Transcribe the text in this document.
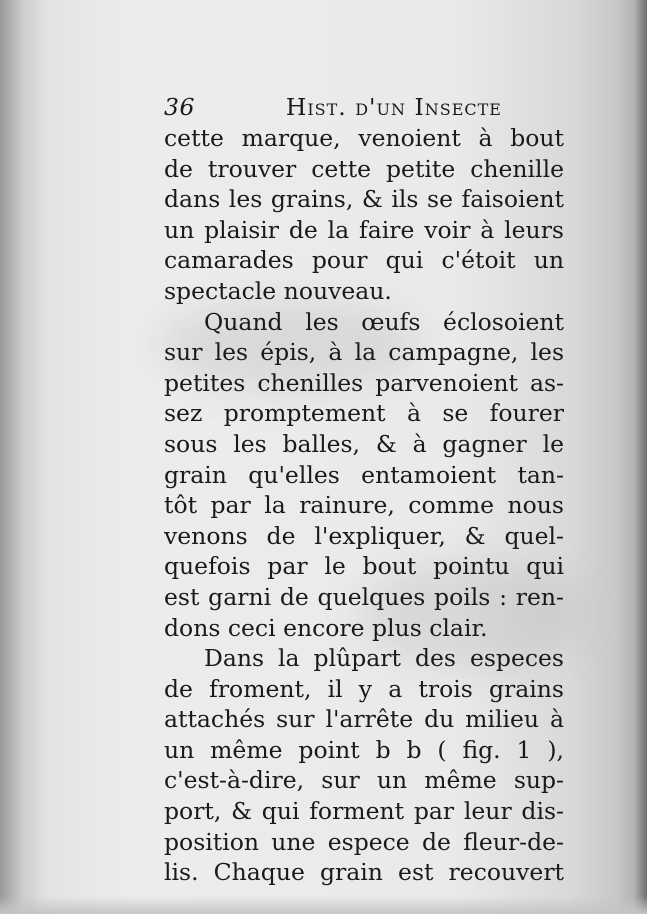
36	Hist. d'un Insecte
cette marque, venoient à bout
de trouver cette petite chenille
dans les grains, & ils se faisoient
un plaisir de la faire voir à leurs
camarades pour qui c'étoit un
spectacle nouveau.
Quand les œufs éclosoient
sur les épis, à la campagne, les
petites chenilles parvenoient as-
sez promptement à se fourer
sous les balles, & à gagner le
grain qu'elles entamoient tan-
tôt par la rainure, comme nous
venons de l'expliquer, & quel-
quefois par le bout pointu qui
est garni de quelques poils : ren-
dons ceci encore plus clair.
Dans la plûpart des especes
de froment, il y a trois grains
attachés sur l'arrête du milieu à
un même point b b ( fig. 1 ),
c'est-à-dire, sur un même sup-
port, & qui forment par leur dis-
position une espece de fleur-de-
lis. Chaque grain est recouvert
